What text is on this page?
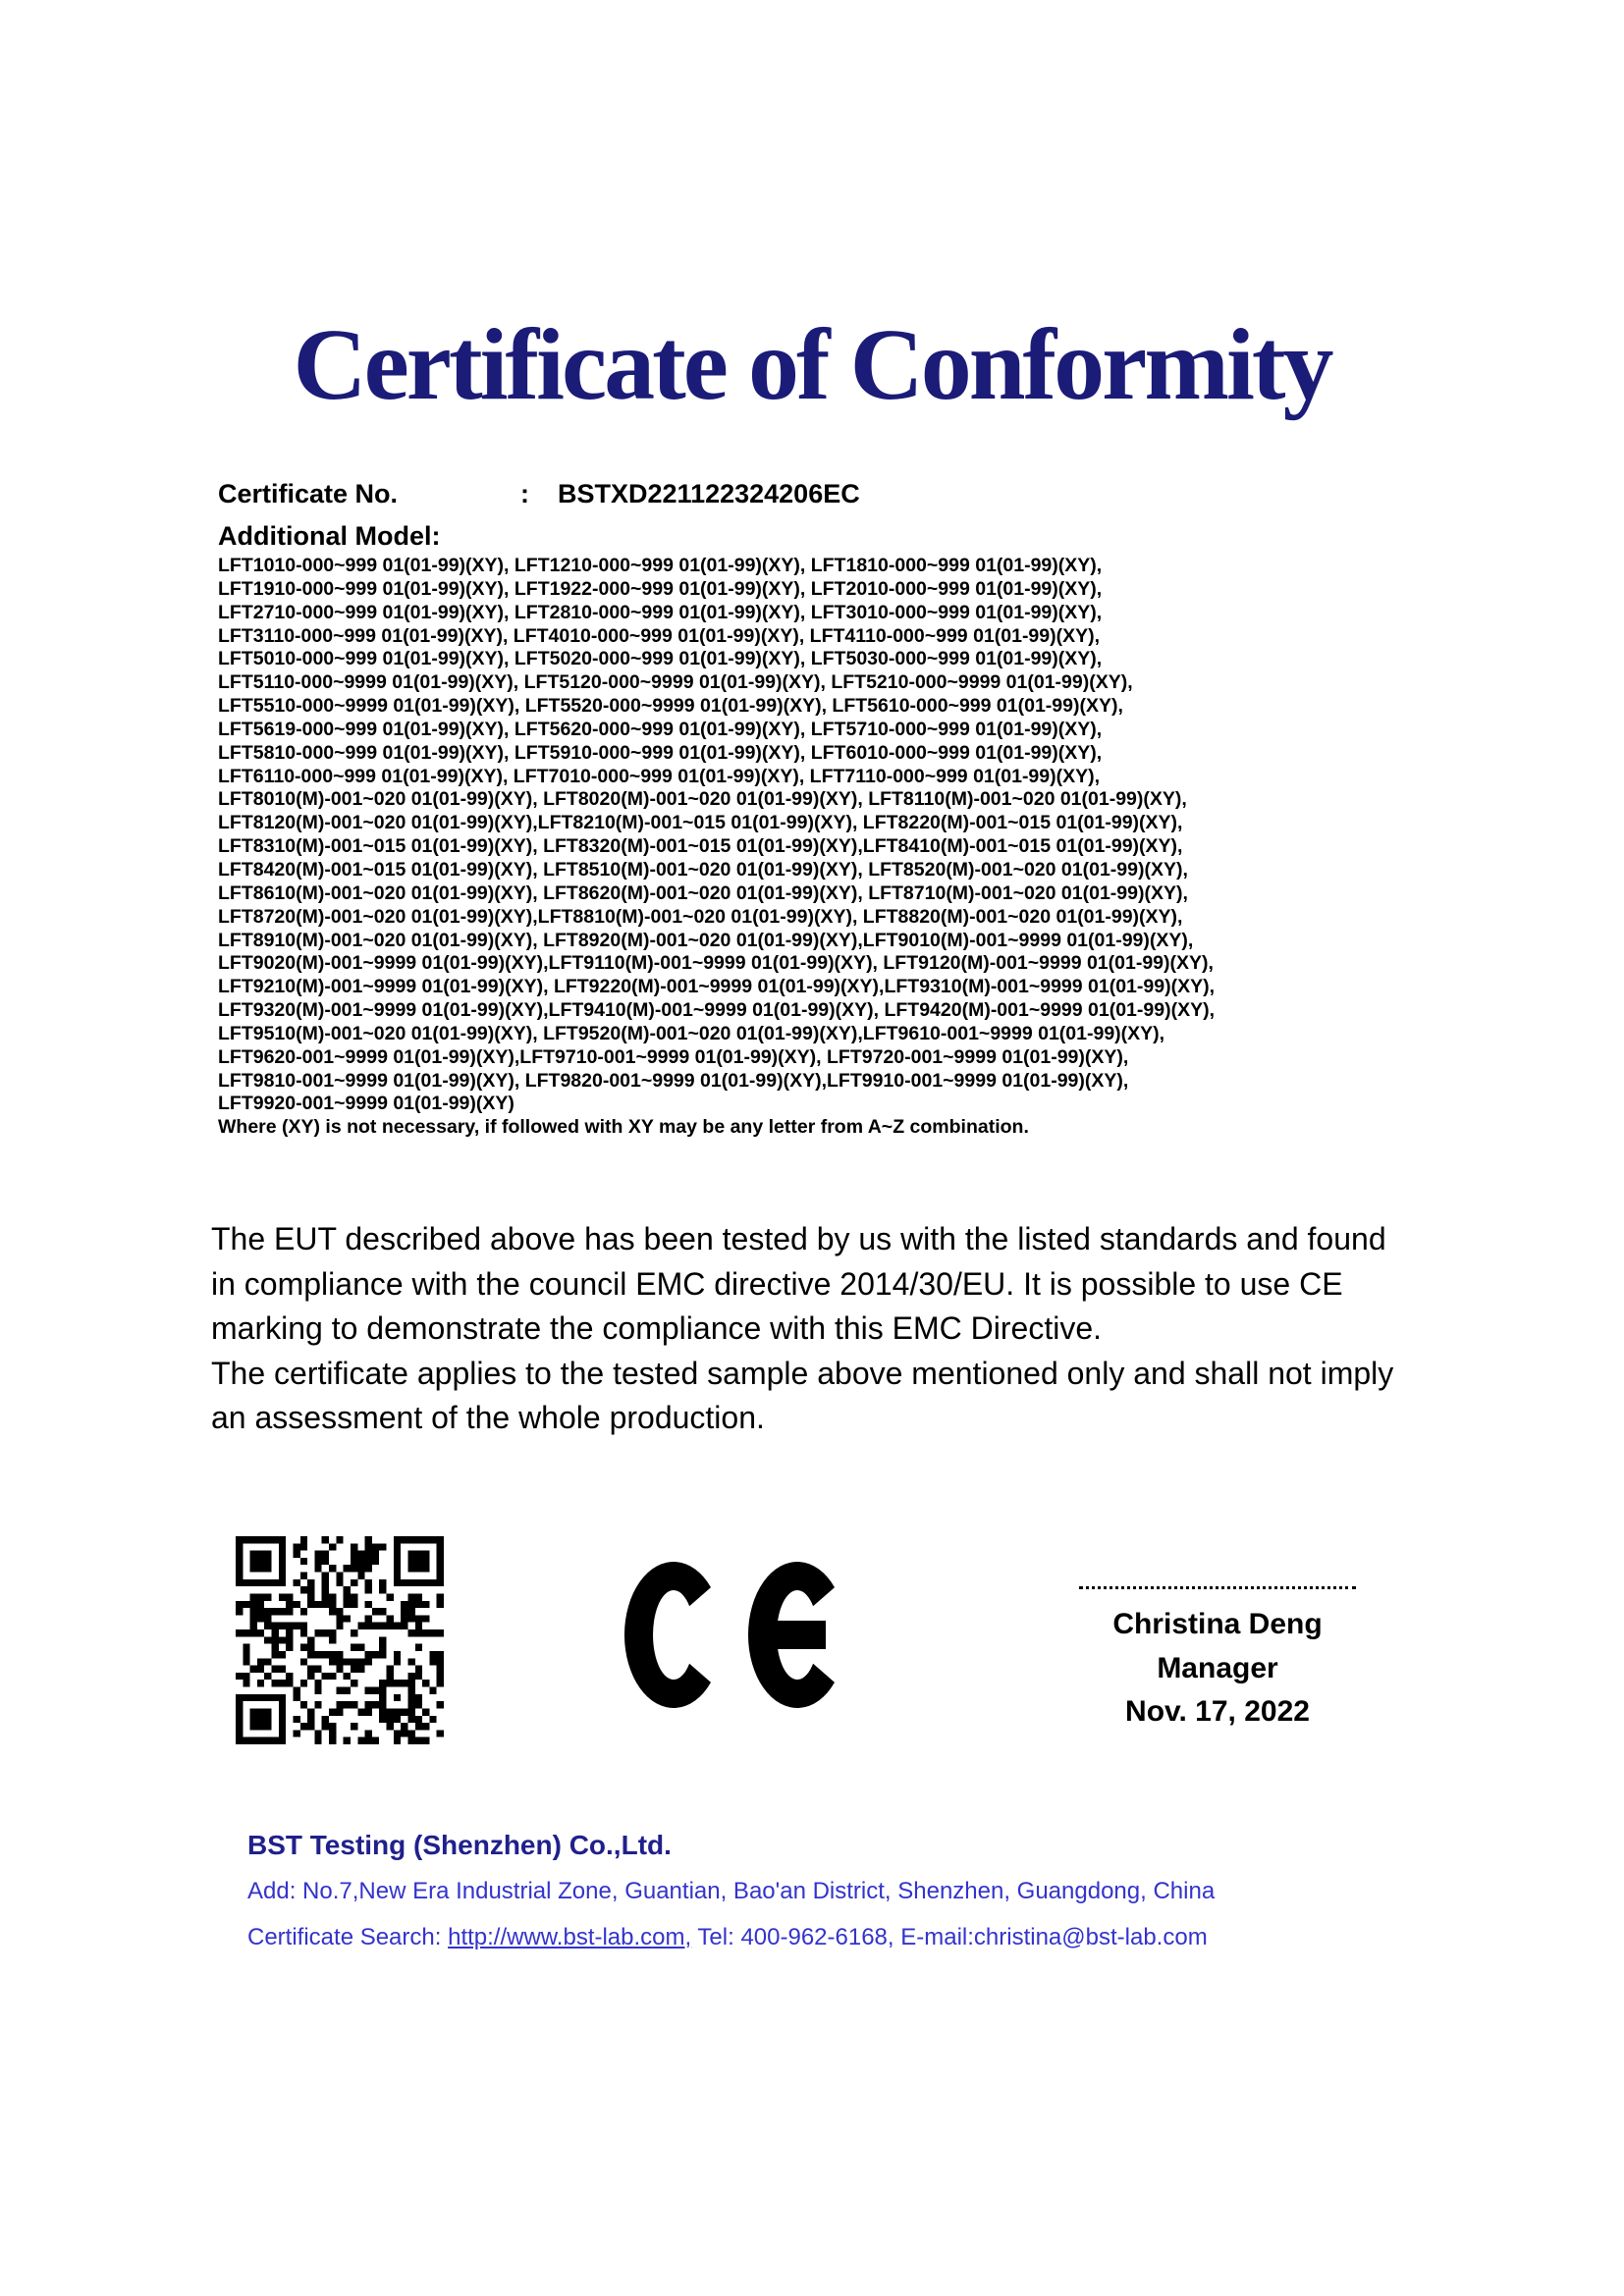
Certificate of Conformity
Certificate No.	: BSTXD221122324206EC
Additional Model:
LFT1010-000~999 01(01-99)(XY), LFT1210-000~999 01(01-99)(XY), LFT1810-000~999 01(01-99)(XY),
LFT1910-000~999 01(01-99)(XY), LFT1922-000~999 01(01-99)(XY), LFT2010-000~999 01(01-99)(XY),
LFT2710-000~999 01(01-99)(XY), LFT2810-000~999 01(01-99)(XY), LFT3010-000~999 01(01-99)(XY),
LFT3110-000~999 01(01-99)(XY), LFT4010-000~999 01(01-99)(XY), LFT4110-000~999 01(01-99)(XY),
LFT5010-000~999 01(01-99)(XY), LFT5020-000~999 01(01-99)(XY), LFT5030-000~999 01(01-99)(XY),
LFT5110-000~9999 01(01-99)(XY), LFT5120-000~9999 01(01-99)(XY), LFT5210-000~9999 01(01-99)(XY),
LFT5510-000~9999 01(01-99)(XY), LFT5520-000~9999 01(01-99)(XY), LFT5610-000~999 01(01-99)(XY),
LFT5619-000~999 01(01-99)(XY), LFT5620-000~999 01(01-99)(XY), LFT5710-000~999 01(01-99)(XY),
LFT5810-000~999 01(01-99)(XY), LFT5910-000~999 01(01-99)(XY), LFT6010-000~999 01(01-99)(XY),
LFT6110-000~999 01(01-99)(XY), LFT7010-000~999 01(01-99)(XY), LFT7110-000~999 01(01-99)(XY),
LFT8010(M)-001~020 01(01-99)(XY), LFT8020(M)-001~020 01(01-99)(XY), LFT8110(M)-001~020 01(01-99)(XY),
LFT8120(M)-001~020 01(01-99)(XY),LFT8210(M)-001~015 01(01-99)(XY), LFT8220(M)-001~015 01(01-99)(XY),
LFT8310(M)-001~015 01(01-99)(XY), LFT8320(M)-001~015 01(01-99)(XY),LFT8410(M)-001~015 01(01-99)(XY),
LFT8420(M)-001~015 01(01-99)(XY), LFT8510(M)-001~020 01(01-99)(XY), LFT8520(M)-001~020 01(01-99)(XY),
LFT8610(M)-001~020 01(01-99)(XY), LFT8620(M)-001~020 01(01-99)(XY), LFT8710(M)-001~020 01(01-99)(XY),
LFT8720(M)-001~020 01(01-99)(XY),LFT8810(M)-001~020 01(01-99)(XY), LFT8820(M)-001~020 01(01-99)(XY),
LFT8910(M)-001~020 01(01-99)(XY), LFT8920(M)-001~020 01(01-99)(XY),LFT9010(M)-001~9999 01(01-99)(XY),
LFT9020(M)-001~9999 01(01-99)(XY),LFT9110(M)-001~9999 01(01-99)(XY), LFT9120(M)-001~9999 01(01-99)(XY),
LFT9210(M)-001~9999 01(01-99)(XY), LFT9220(M)-001~9999 01(01-99)(XY),LFT9310(M)-001~9999 01(01-99)(XY),
LFT9320(M)-001~9999 01(01-99)(XY),LFT9410(M)-001~9999 01(01-99)(XY), LFT9420(M)-001~9999 01(01-99)(XY),
LFT9510(M)-001~020 01(01-99)(XY), LFT9520(M)-001~020 01(01-99)(XY),LFT9610-001~9999 01(01-99)(XY),
LFT9620-001~9999 01(01-99)(XY),LFT9710-001~9999 01(01-99)(XY), LFT9720-001~9999 01(01-99)(XY),
LFT9810-001~9999 01(01-99)(XY), LFT9820-001~9999 01(01-99)(XY),LFT9910-001~9999 01(01-99)(XY),
LFT9920-001~9999 01(01-99)(XY)
Where (XY) is not necessary, if followed with XY may be any letter from A~Z combination.
The EUT described above has been tested by us with the listed standards and found
in compliance with the council EMC directive 2014/30/EU. It is possible to use CE
marking to demonstrate the compliance with this EMC Directive.
The certificate applies to the tested sample above mentioned only and shall not imply
an assessment of the whole production.
Christina Deng
Manager
Nov. 17, 2022
BST Testing (Shenzhen) Co.,Ltd.
Add: No.7,New Era Industrial Zone, Guantian, Bao'an District, Shenzhen, Guangdong, China
Certificate Search: http://www.bst-lab.com, Tel: 400-962-6168, E-mail:christina@bst-lab.com
